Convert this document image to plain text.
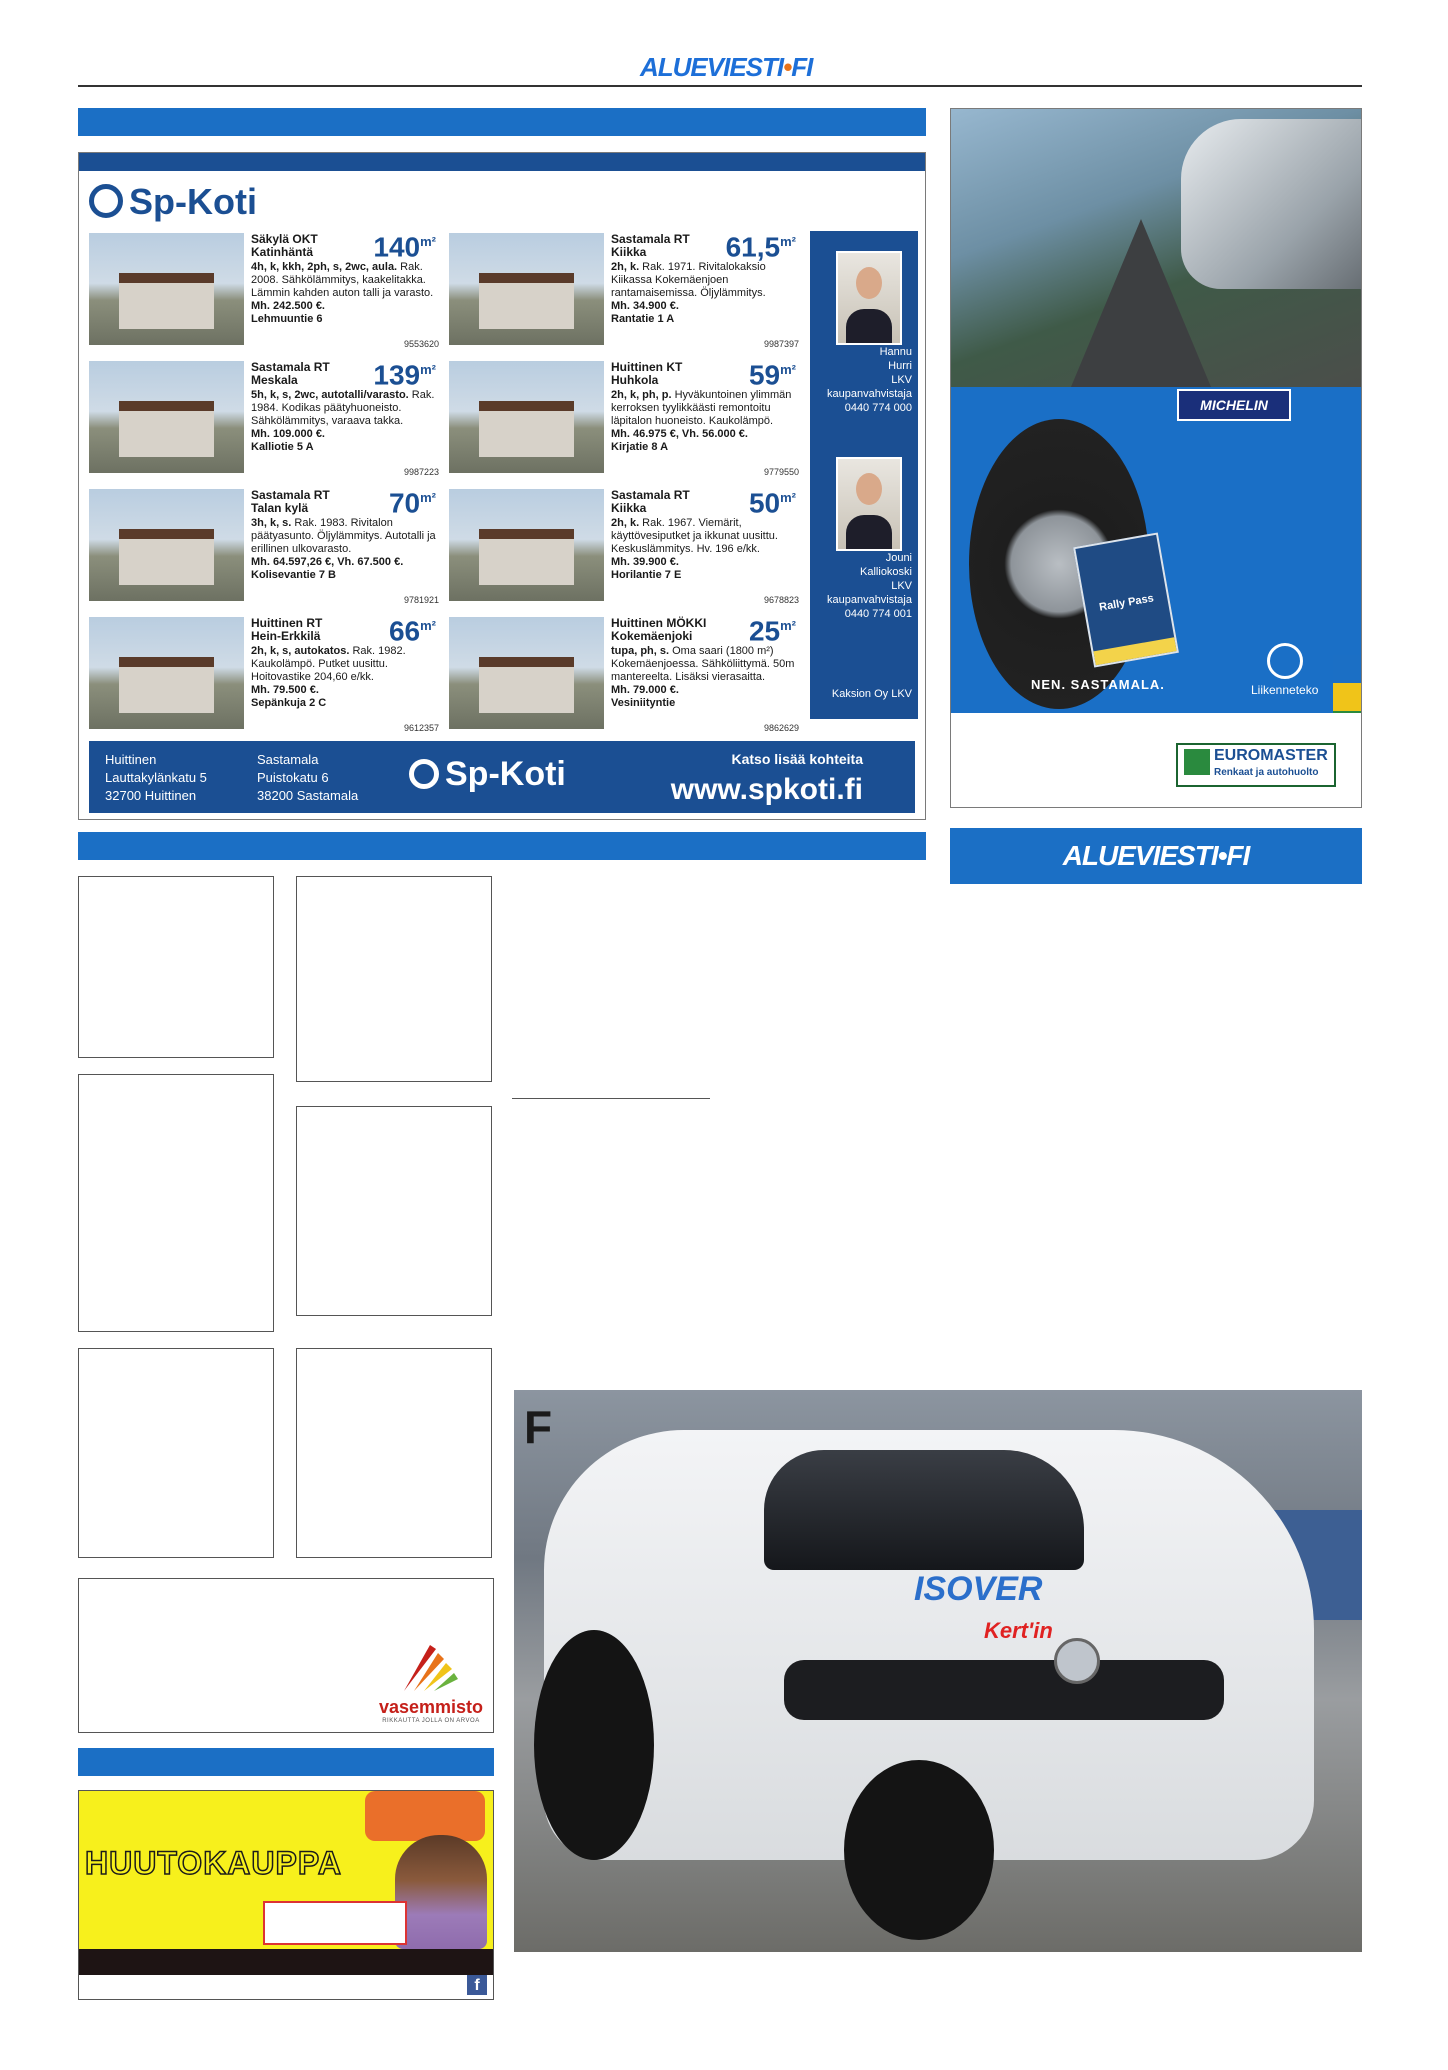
ALUEVIESTI•FI
Sp-Koti
Säkylä OKT
Katinhäntä	$140^{m^2}$
4h, k, kkh, 2ph, s, 2wc, aula. Rak. 2008. Sähkölämmitys, kaakelitakka. Lämmin kahden auton talli ja varasto.
Mh. 242.500 €.
Lehmuuntie 6
9553620
Sastamala RT
Kiikka	$61,5^{m^2}$
2h, k. Rak. 1971. Rivitalokaksio Kiikassa Kokemäenjoen rantamaisemissa. Öljylämmitys.
Mh. 34.900 €.
Rantatie 1 A
9987397
Sastamala RT
Meskala	$139^{m^2}$
5h, k, s, 2wc, autotalli/varasto. Rak. 1984. Kodikas päätyhuoneisto. Sähkölämmitys, varaava takka.
Mh. 109.000 €.
Kalliotie 5 A
9987223
Huittinen KT
Huhkola	$59^{m^2}$
2h, k, ph, p. Hyväkuntoinen ylimmän kerroksen tyylikkäästi remontoitu läpitalon huoneisto. Kaukolämpö.
Mh. 46.975 €, Vh. 56.000 €.
Kirjatie 8 A
9779550
Sastamala RT
Talan kylä	$70^{m^2}$
3h, k, s. Rak. 1983. Rivitalon päätyasunto. Öljylämmitys. Autotalli ja erillinen ulkovarasto.
Mh. 64.597,26 €, Vh. 67.500 €.
Kolisevantie 7 B
9781921
Sastamala RT
Kiikka	$50^{m^2}$
2h, k. Rak. 1967. Viemärit, käyttövesiputket ja ikkunat uusittu. Keskuslämmitys. Hv. 196 e/kk.
Mh. 39.900 €.
Horilantie 7 E
9678823
Huittinen RT
Hein-Erkkilä	$66^{m^2}$
2h, k, s, autokatos. Rak. 1982. Kaukolämpö. Putket uusittu. Hoitovastike 204,60 e/kk.
Mh. 79.500 €.
Sepänkuja 2 C
9612357
Huittinen MÖKKI
Kokemäenjoki	$25^{m^2}$
tupa, ph, s. Oma saari (1800 m²) Kokemäenjoessa. Sähköliittymä. 50m mantereelta. Lisäksi vierasaitta.
Mh. 79.000 €.
Vesiniityntie
9862629
Hannu
Hurri
LKV
kaupanvahvistaja
0440 774 000
Jouni
Kalliokoski
LKV
kaupanvahvistaja
0440 774 001
Kaksion Oy LKV
Huittinen
Lauttakylänkatu 5
32700 Huittinen
Sastamala
Puistokatu 6
38200 Sastamala
Sp-Koti	Katso lisää kohteita
www.spkoti.fi
MICHELIN
Rally Pass
NEN. SASTAMALA.	Liikenneteko
EUROMASTER
Renkaat ja autohuolto
ALUEVIESTI•FI
vasemmisto
RIKKAUTTA JOLLA ON ARVOA
HUUTOKAUPPA
f
F
ISOVER
Kert'in
